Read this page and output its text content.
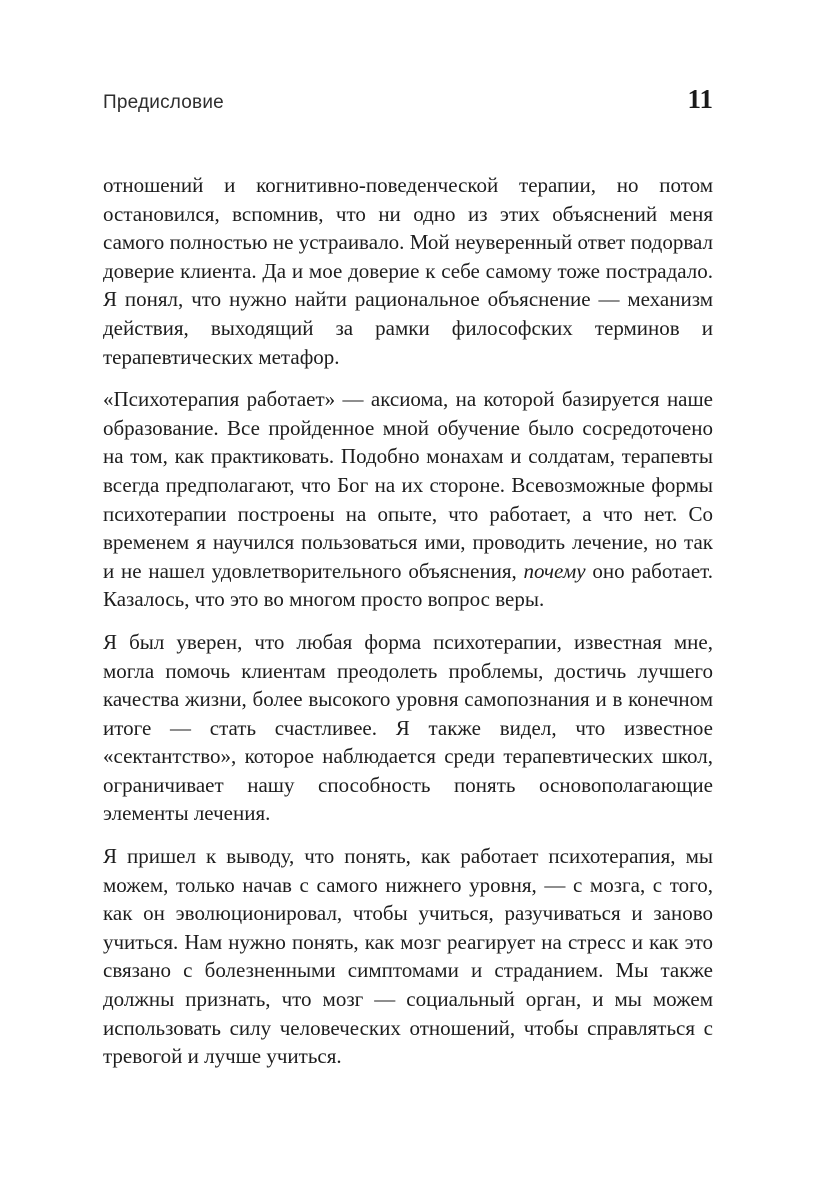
Предисловие	11

отношений и когнитивно-поведенческой терапии, но потом остановился, вспомнив, что ни одно из этих объяснений меня самого полностью не устраивало. Мой неуверенный ответ подорвал доверие клиента. Да и мое доверие к себе самому тоже пострадало. Я понял, что нужно найти рациональное объяснение — механизм действия, выходящий за рамки философских терминов и терапевтических метафор.

«Психотерапия работает» — аксиома, на которой базируется наше образование. Все пройденное мной обучение было сосредоточено на том, как практиковать. Подобно монахам и солдатам, терапевты всегда предполагают, что Бог на их стороне. Всевозможные формы психотерапии построены на опыте, что работает, а что нет. Со временем я научился пользоваться ими, проводить лечение, но так и не нашел удовлетворительного объяснения, почему оно работает. Казалось, что это во многом просто вопрос веры.

Я был уверен, что любая форма психотерапии, известная мне, могла помочь клиентам преодолеть проблемы, достичь лучшего качества жизни, более высокого уровня самопознания и в конечном итоге — стать счастливее. Я также видел, что известное «сектантство», которое наблюдается среди терапевтических школ, ограничивает нашу способность понять основополагающие элементы лечения.

Я пришел к выводу, что понять, как работает психотерапия, мы можем, только начав с самого нижнего уровня, — с мозга, с того, как он эволюционировал, чтобы учиться, разучиваться и заново учиться. Нам нужно понять, как мозг реагирует на стресс и как это связано с болезненными симптомами и страданием. Мы также должны признать, что мозг — социальный орган, и мы можем использовать силу человеческих отношений, чтобы справляться с тревогой и лучше учиться.
